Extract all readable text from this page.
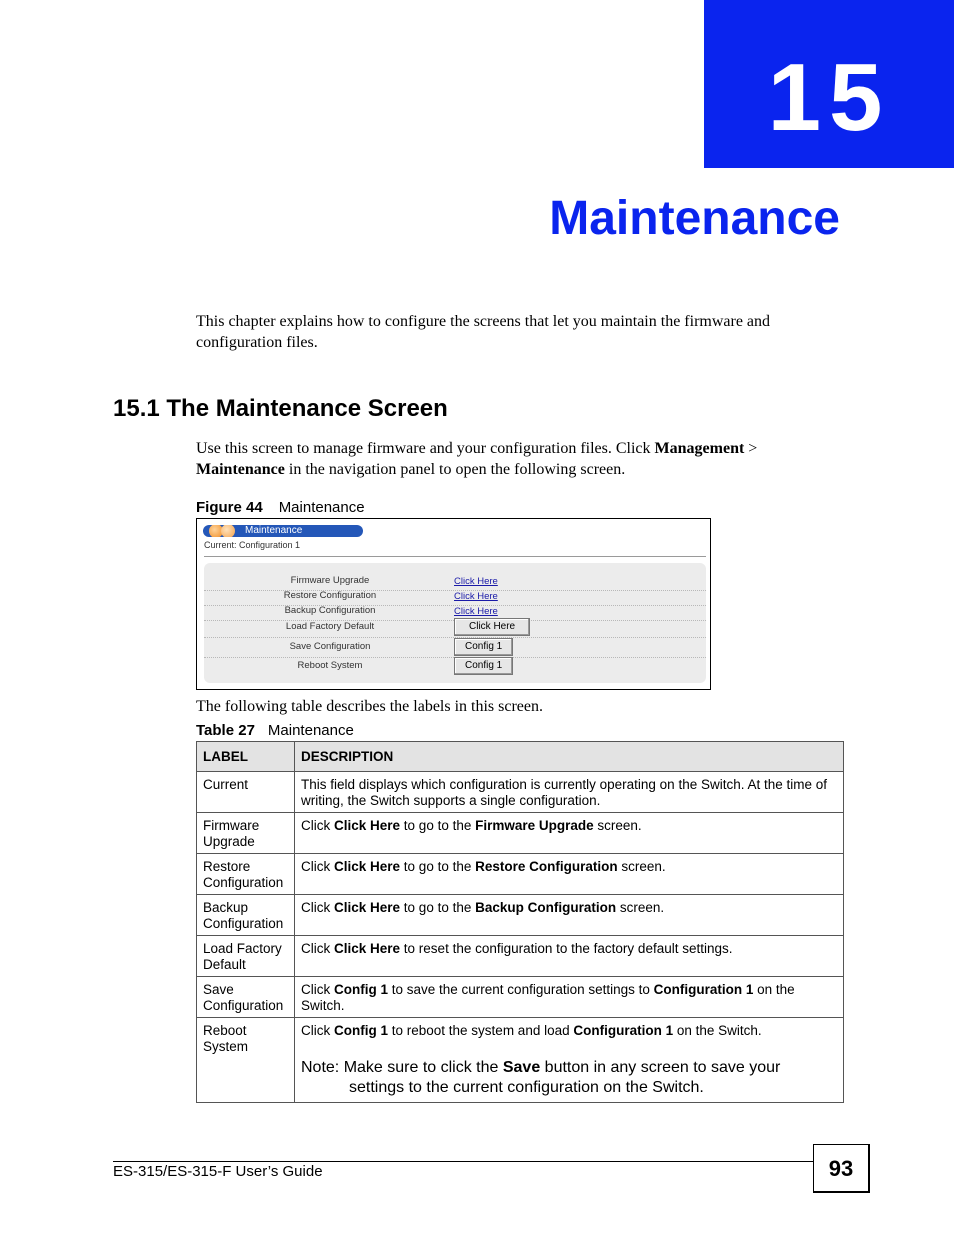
15
Maintenance
This chapter explains how to configure the screens that let you maintain the firmware and configuration files.
15.1 The Maintenance Screen
Use this screen to manage firmware and your configuration files. Click Management > Maintenance in the navigation panel to open the following screen.
Figure 44 Maintenance
Maintenance
Current: Configuration 1
Firmware Upgrade	Click Here
Restore Configuration	Click Here
Backup Configuration	Click Here
Load Factory Default	Click Here
Save Configuration	Config 1
Reboot System	Config 1
The following table describes the labels in this screen.
Table 27 Maintenance
LABEL	DESCRIPTION
Current	This field displays which configuration is currently operating on the Switch. At the time of writing, the Switch supports a single configuration.
Firmware Upgrade	Click Click Here to go to the Firmware Upgrade screen.
Restore Configuration	Click Click Here to go to the Restore Configuration screen.
Backup Configuration	Click Click Here to go to the Backup Configuration screen.
Load Factory Default	Click Click Here to reset the configuration to the factory default settings.
Save Configuration	Click Config 1 to save the current configuration settings to Configuration 1 on the Switch.
Reboot System	Click Config 1 to reboot the system and load Configuration 1 on the Switch.
Note: Make sure to click the Save button in any screen to save your settings to the current configuration on the Switch.
ES-315/ES-315-F User’s Guide	93
